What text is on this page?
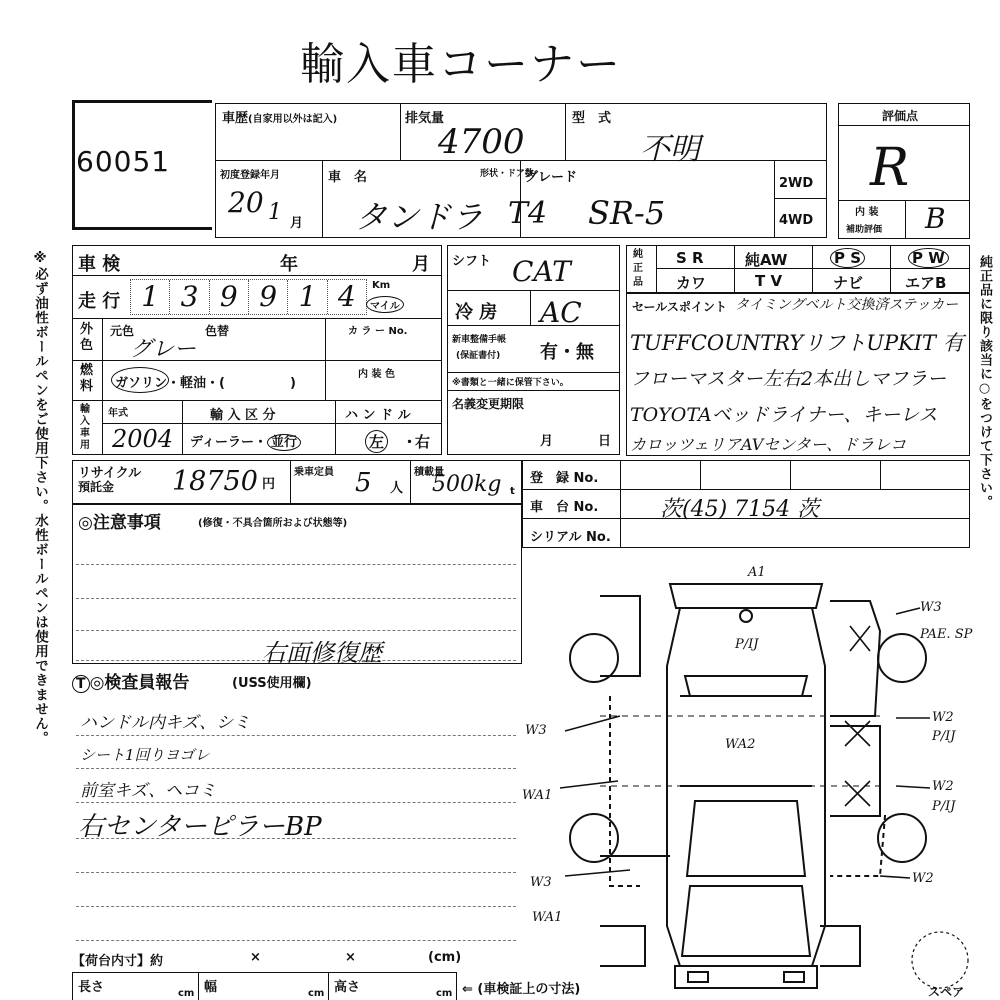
輸入車コーナー
※必ず油性ボールペンをご使用下さい。水性ボールペンは使用できません。	純正品に限り該当に○をつけて下さい。
60051
車歴(自家用以外は記入)	排気量
4700
型　式
不明
初度登録年月
20 1 月
車　名
タンドラ
形状・ドア数
T4
グレード
SR-5
2WD
4WD
評価点
R
内 装
補助評価 B
車 検	年	月
走 行 1 3 9 9 1 4	Km
マイル
外色
元色	色替
グレー
カ ラ ー No.
燃料 ガソリン・軽油・(　　　　　)
内 装 色
輸入車用
年式
2004
輸 入 区 分
ディーラー・ 並行
ハ ン ド ル
左 ・
右
シフト CAT
冷 房 AC
新車整備手帳
(保証書付) 有・無
※書類と一緒に保管下さい。
名義変更期限
月	日
純正品
S R	純AW	P S	P W
カワ	T V	ナビ	エアB
セールスポイント タイミングベルト交換済ステッカー
TUFFCOUNTRYリフトUPKIT 有
フローマスター左右2本出しマフラー
TOYOTAベッドライナー、キーレス
カロッツェリアAVセンター、ドラレコ
リサイクル
預託金 18750 円
乗車定員 5 人
積載量
500kg t
登　録 No.
車　台 No.	茨(45) 7154 茨
シリアル No.
◎注意事項	(修復・不具合箇所および状態等)
右面修復歴
T ◎検査員報告	(USS使用欄)
ハンドル内キズ、シミ
シート1回りヨゴレ
前室キズ、ヘコミ
右センターピラーBP
【荷台内寸】約	×	×	(cm)
長さ	cm 幅	cm 高さ	cm ⇐ (車検証上の寸法)
A1
W3
WA1
W3
WA1
WA2
P/IJ
W3
PAE. SP
W2
P/IJ
W2
P/IJ
W2
スペア
